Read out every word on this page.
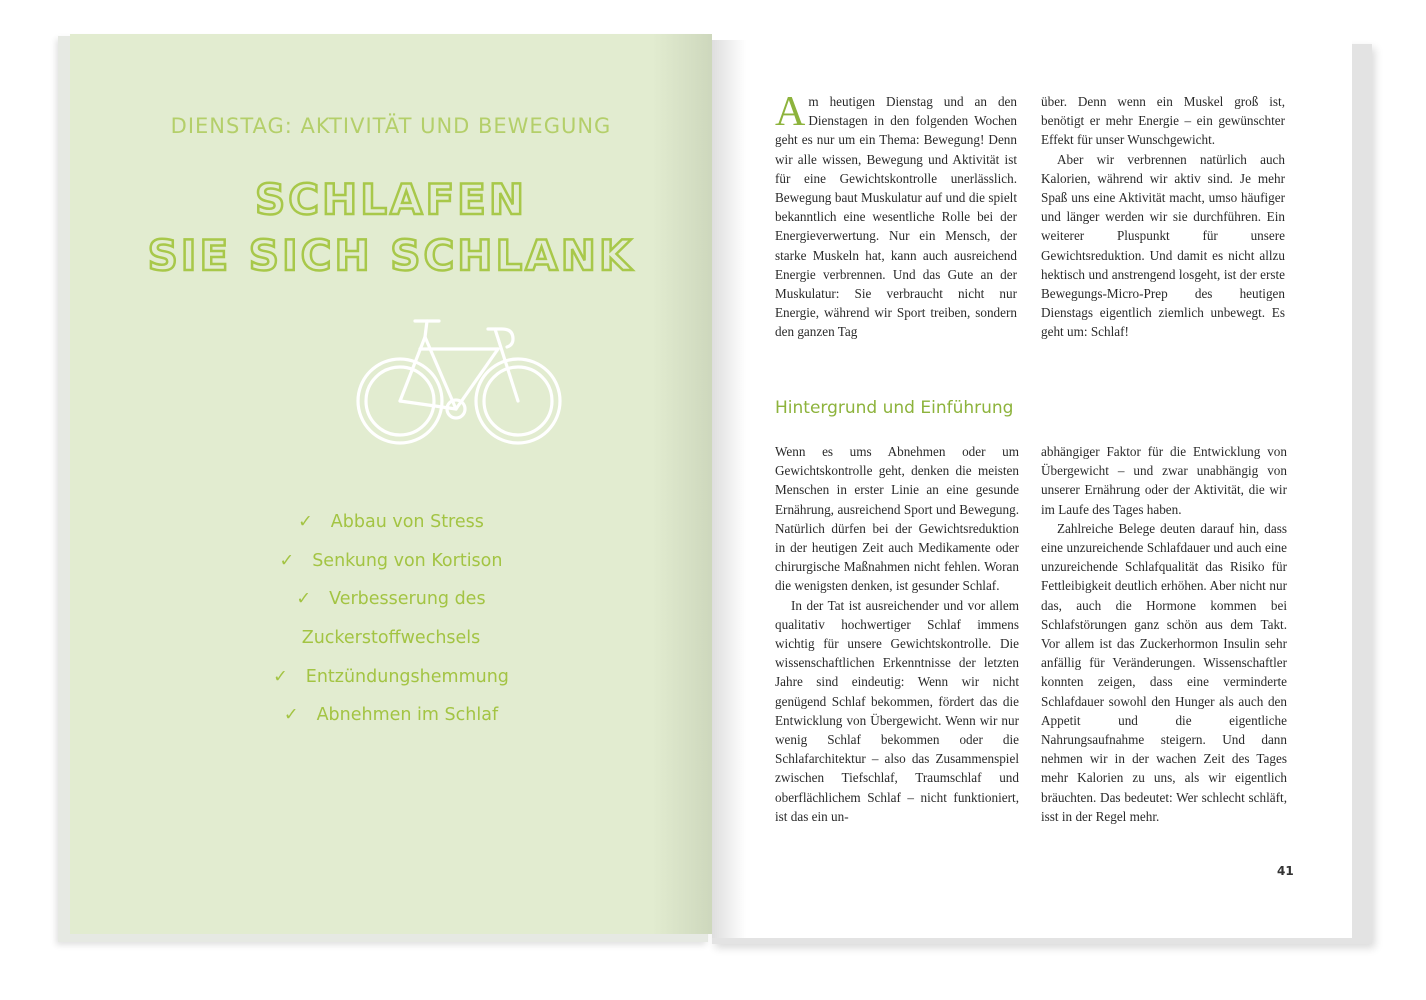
DIENSTAG: AKTIVITÄT UND BEWEGUNG
SCHLAFEN
SIE SICH SCHLANK
✓ Abbau von Stress
✓ Senkung von Kortison
✓ Verbesserung des
Zuckerstoffwechsels
✓ Entzündungshemmung
✓ Abnehmen im Schlaf

Am heutigen Dienstag und an den Dienstagen in den folgenden Wochen geht es nur um ein Thema: Bewegung! Denn wir alle wissen, Bewegung und Aktivität ist für eine Gewichtskontrolle unerlässlich. Bewegung baut Muskulatur auf und die spielt bekanntlich eine wesentliche Rolle bei der Energieverwertung. Nur ein Mensch, der starke Muskeln hat, kann auch ausreichend Energie verbrennen. Und das Gute an der Muskulatur: Sie verbraucht nicht nur Energie, während wir Sport treiben, sondern den ganzen Tag

über. Denn wenn ein Muskel groß ist, benötigt er mehr Energie – ein gewünschter Effekt für unser Wunschgewicht.

Aber wir verbrennen natürlich auch Kalorien, während wir aktiv sind. Je mehr Spaß uns eine Aktivität macht, umso häufiger und länger werden wir sie durchführen. Ein weiterer Pluspunkt für unsere Gewichtsreduktion. Und damit es nicht allzu hektisch und anstrengend losgeht, ist der erste Bewegungs-Micro-Prep des heutigen Dienstags eigentlich ziemlich unbewegt. Es geht um: Schlaf!

Hintergrund und Einführung

Wenn es ums Abnehmen oder um Gewichtskontrolle geht, denken die meisten Menschen in erster Linie an eine gesunde Ernährung, ausreichend Sport und Bewegung. Natürlich dürfen bei der Gewichtsreduktion in der heutigen Zeit auch Medikamente oder chirurgische Maßnahmen nicht fehlen. Woran die wenigsten denken, ist gesunder Schlaf.

In der Tat ist ausreichender und vor allem qualitativ hochwertiger Schlaf immens wichtig für unsere Gewichtskontrolle. Die wissenschaftlichen Erkenntnisse der letzten Jahre sind eindeutig: Wenn wir nicht genügend Schlaf bekommen, fördert das die Entwicklung von Übergewicht. Wenn wir nur wenig Schlaf bekommen oder die Schlafarchitektur – also das Zusammenspiel zwischen Tiefschlaf, Traumschlaf und oberflächlichem Schlaf – nicht funktioniert, ist das ein un-

abhängiger Faktor für die Entwicklung von Übergewicht – und zwar unabhängig von unserer Ernährung oder der Aktivität, die wir im Laufe des Tages haben.

Zahlreiche Belege deuten darauf hin, dass eine unzureichende Schlafdauer und auch eine unzureichende Schlafqualität das Risiko für Fettleibigkeit deutlich erhöhen. Aber nicht nur das, auch die Hormone kommen bei Schlafstörungen ganz schön aus dem Takt. Vor allem ist das Zuckerhormon Insulin sehr anfällig für Veränderungen. Wissenschaftler konnten zeigen, dass eine verminderte Schlafdauer sowohl den Hunger als auch den Appetit und die eigentliche Nahrungsaufnahme steigern. Und dann nehmen wir in der wachen Zeit des Tages mehr Kalorien zu uns, als wir eigentlich bräuchten. Das bedeutet: Wer schlecht schläft, isst in der Regel mehr.

41
